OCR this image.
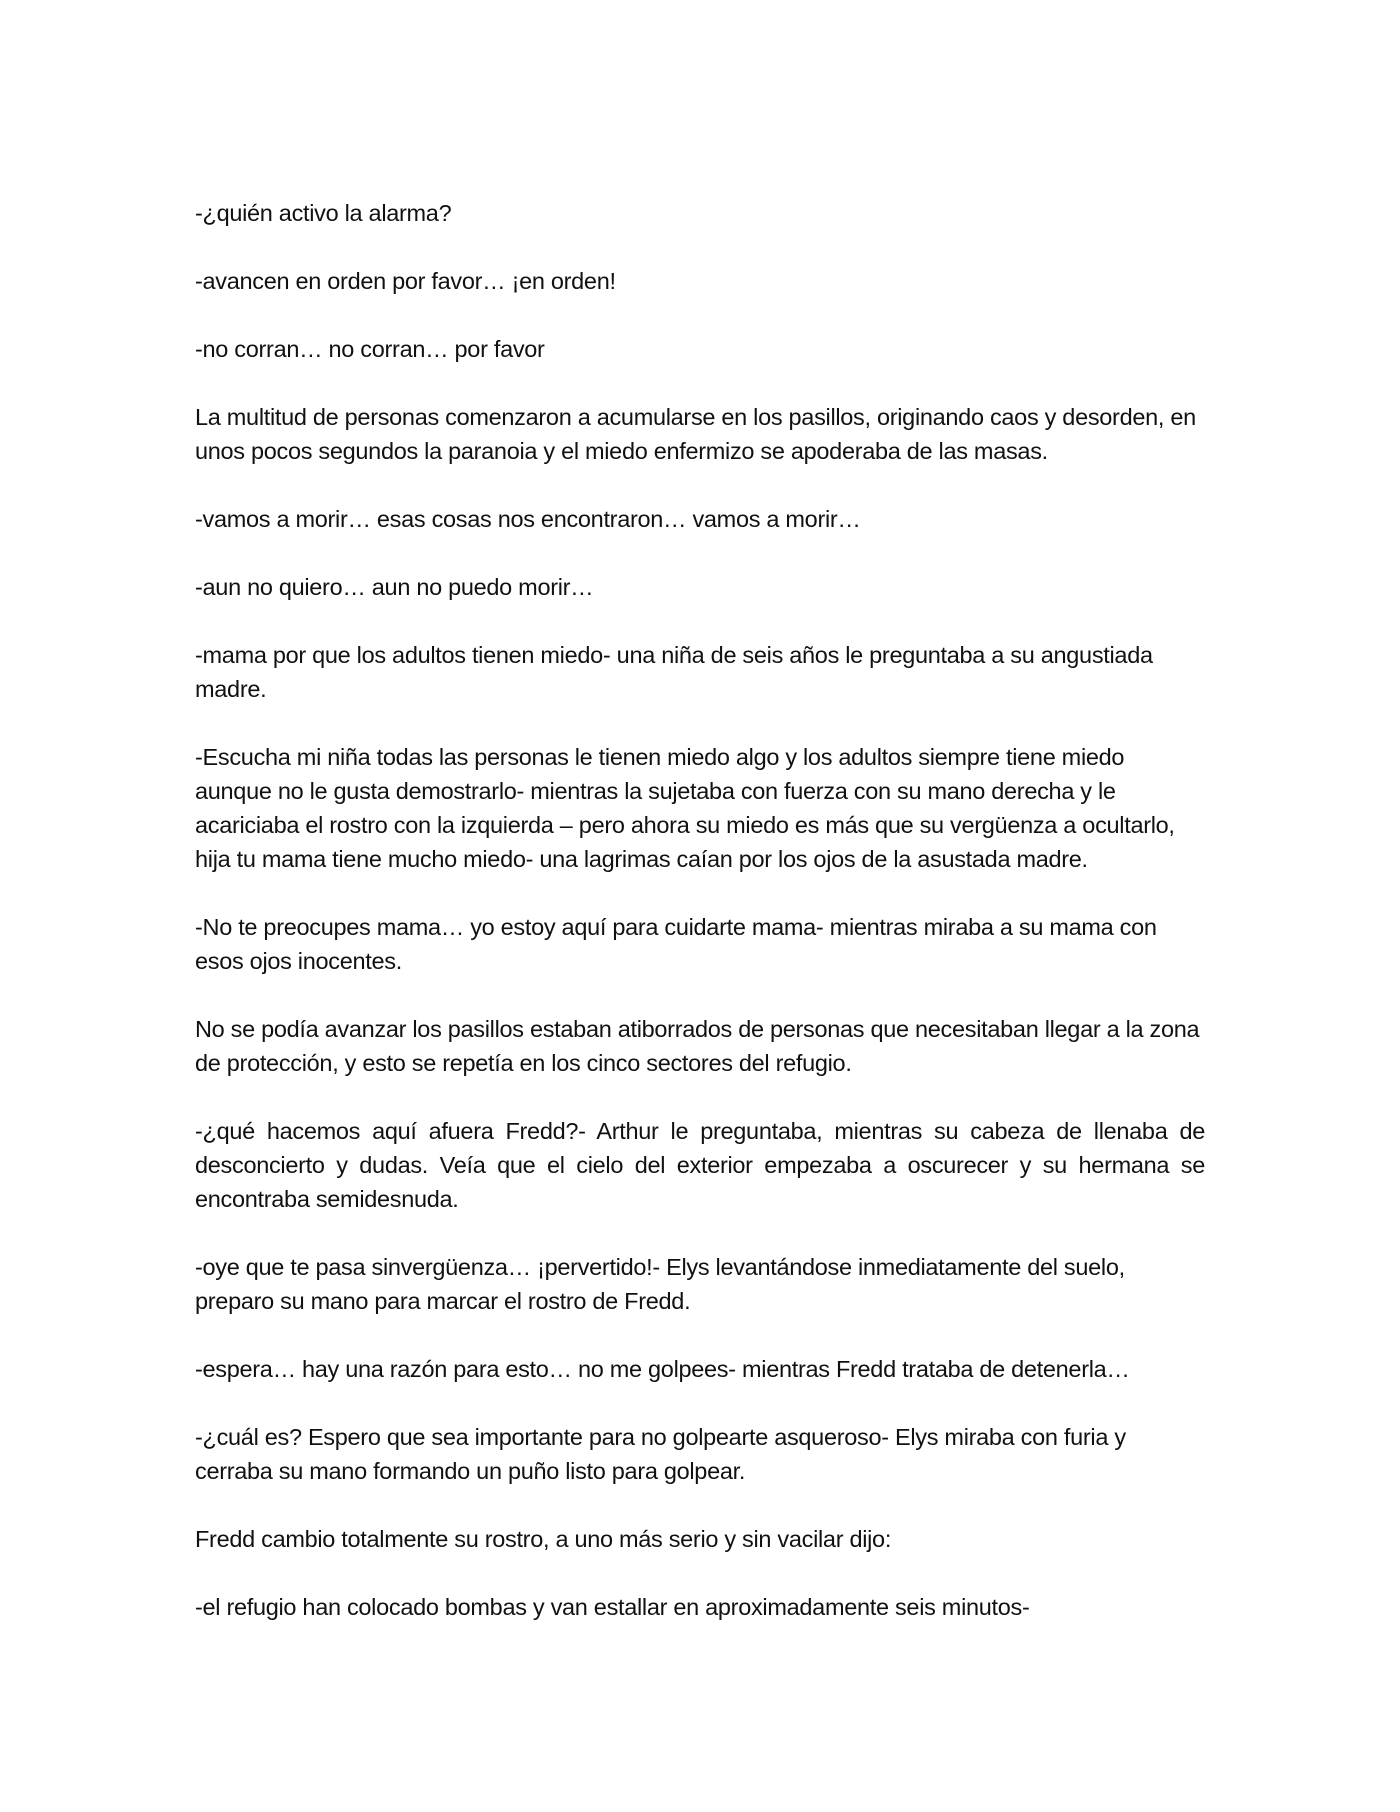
-¿quién activo la alarma?

-avancen en orden por favor… ¡en orden!

-no corran… no corran… por favor

La multitud de personas comenzaron a acumularse en los pasillos, originando caos y desorden, en unos pocos segundos la paranoia y el miedo enfermizo se apoderaba de las masas.

-vamos a morir… esas cosas nos encontraron… vamos a morir…

-aun no quiero… aun no puedo morir…

-mama por que los adultos tienen miedo- una niña de seis años le preguntaba a su angustiada madre.

-Escucha mi niña todas las personas le tienen miedo algo y los adultos siempre tiene miedo aunque no le gusta demostrarlo- mientras la sujetaba con fuerza con su mano derecha y le acariciaba el rostro con la izquierda – pero ahora su miedo es más que su vergüenza a ocultarlo, hija tu mama tiene mucho miedo- una lagrimas caían por los ojos de la asustada madre.

-No te preocupes mama… yo estoy aquí para cuidarte mama- mientras miraba a su mama con esos ojos inocentes.

No se podía avanzar los pasillos estaban atiborrados de personas que necesitaban llegar a la zona de protección, y esto se repetía en los cinco sectores del refugio.

-¿qué hacemos aquí afuera Fredd?- Arthur le preguntaba, mientras su cabeza de llenaba de desconcierto y dudas. Veía que el cielo del exterior empezaba a oscurecer y su hermana se encontraba semidesnuda.

-oye que te pasa sinvergüenza… ¡pervertido!- Elys levantándose inmediatamente del suelo, preparo su mano para marcar el rostro de Fredd.

-espera… hay una razón para esto… no me golpees- mientras Fredd trataba de detenerla…

-¿cuál es? Espero que sea importante para no golpearte asqueroso- Elys miraba con furia y cerraba su mano formando un puño listo para golpear.

Fredd cambio totalmente su rostro, a uno más serio y sin vacilar dijo:

-el refugio han colocado bombas y van estallar en aproximadamente seis minutos-
